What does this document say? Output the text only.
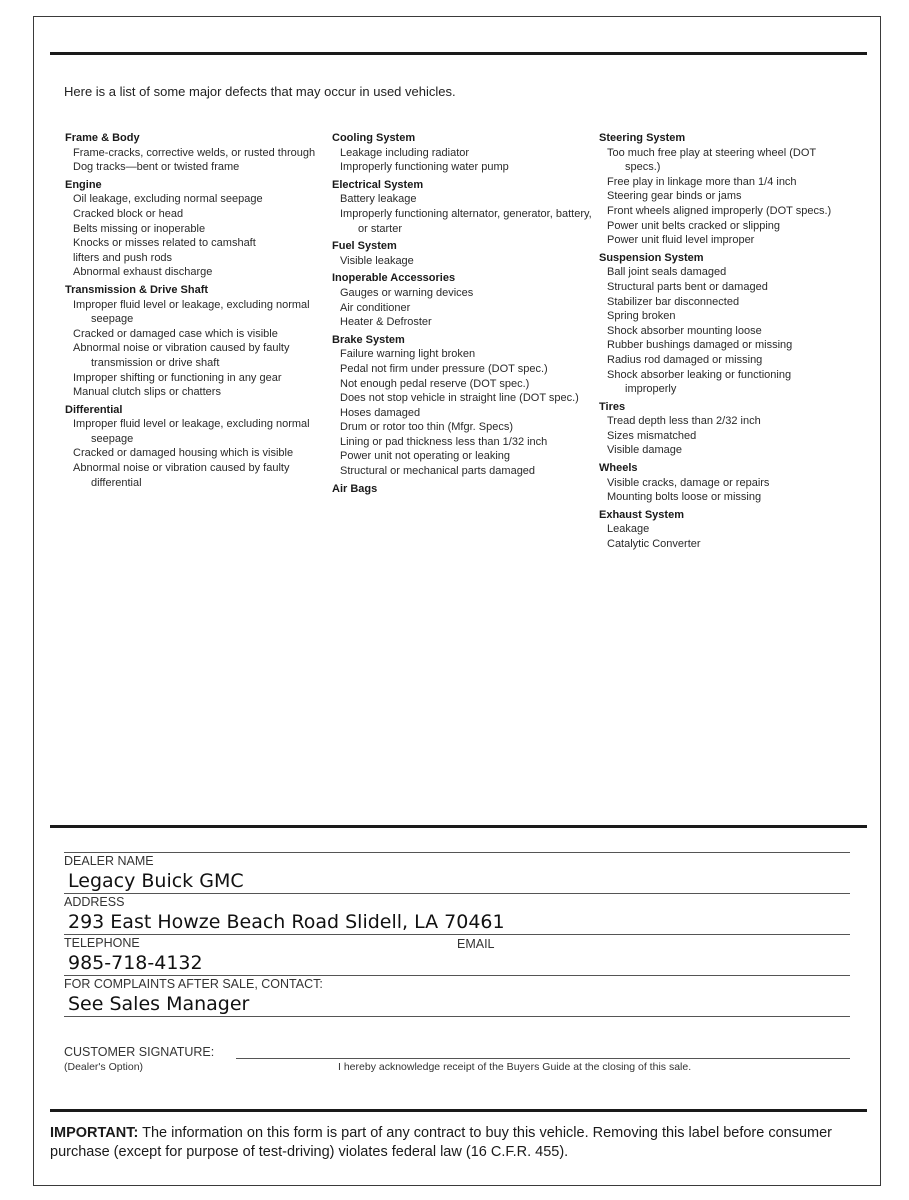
Here is a list of some major defects that may occur in used vehicles.
Frame & Body
Frame-cracks, corrective welds, or rusted through
Dog tracks—bent or twisted frame
Engine
Oil leakage, excluding normal seepage
Cracked block or head
Belts missing or inoperable
Knocks or misses related to camshaft
lifters and push rods
Abnormal exhaust discharge
Transmission & Drive Shaft
Improper fluid level or leakage, excluding normal seepage
Cracked or damaged case which is visible
Abnormal noise or vibration caused by faulty transmission or drive shaft
Improper shifting or functioning in any gear
Manual clutch slips or chatters
Differential
Improper fluid level or leakage, excluding normal seepage
Cracked or damaged housing which is visible
Abnormal noise or vibration caused by faulty differential
Cooling System
Leakage including radiator
Improperly functioning water pump
Electrical System
Battery leakage
Improperly functioning alternator, generator, battery, or starter
Fuel System
Visible leakage
Inoperable Accessories
Gauges or warning devices
Air conditioner
Heater & Defroster
Brake System
Failure warning light broken
Pedal not firm under pressure (DOT spec.)
Not enough pedal reserve (DOT spec.)
Does not stop vehicle in straight line (DOT spec.)
Hoses damaged
Drum or rotor too thin (Mfgr. Specs)
Lining or pad thickness less than 1/32 inch
Power unit not operating or leaking
Structural or mechanical parts damaged
Air Bags
Steering System
Too much free play at steering wheel (DOT specs.)
Free play in linkage more than 1/4 inch
Steering gear binds or jams
Front wheels aligned improperly (DOT specs.)
Power unit belts cracked or slipping
Power unit fluid level improper
Suspension System
Ball joint seals damaged
Structural parts bent or damaged
Stabilizer bar disconnected
Spring broken
Shock absorber mounting loose
Rubber bushings damaged or missing
Radius rod damaged or missing
Shock absorber leaking or functioning improperly
Tires
Tread depth less than 2/32 inch
Sizes mismatched
Visible damage
Wheels
Visible cracks, damage or repairs
Mounting bolts loose or missing
Exhaust System
Leakage
Catalytic Converter
DEALER NAME
Legacy Buick GMC
ADDRESS
293 East Howze Beach Road Slidell, LA 70461
TELEPHONE	EMAIL
985-718-4132
FOR COMPLAINTS AFTER SALE, CONTACT:
See Sales Manager
CUSTOMER SIGNATURE:
(Dealer's Option)	I hereby acknowledge receipt of the Buyers Guide at the closing of this sale.
IMPORTANT: The information on this form is part of any contract to buy this vehicle. Removing this label before consumer purchase (except for purpose of test-driving) violates federal law (16 C.F.R. 455).
